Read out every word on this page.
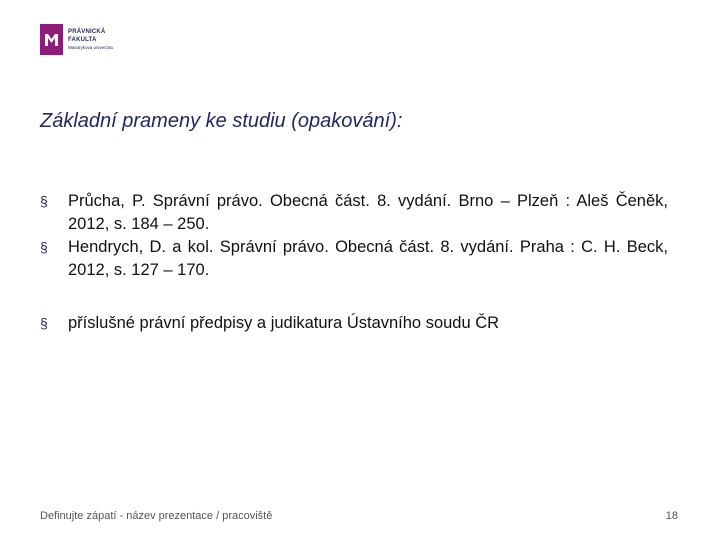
PRÁVNICKÁ
FAKULTA
Masarykova univerzita
Základní prameny ke studiu (opakování):
§	Průcha, P. Správní právo. Obecná část. 8. vydání. Brno – Plzeň : Aleš Čeněk, 2012, s. 184 – 250.
§	Hendrych, D. a kol. Správní právo. Obecná část. 8. vydání. Praha : C. H. Beck, 2012, s. 127 – 170.
§	příslušné právní předpisy a judikatura Ústavního soudu ČR
Definujte zápatí - název prezentace / pracoviště	18
